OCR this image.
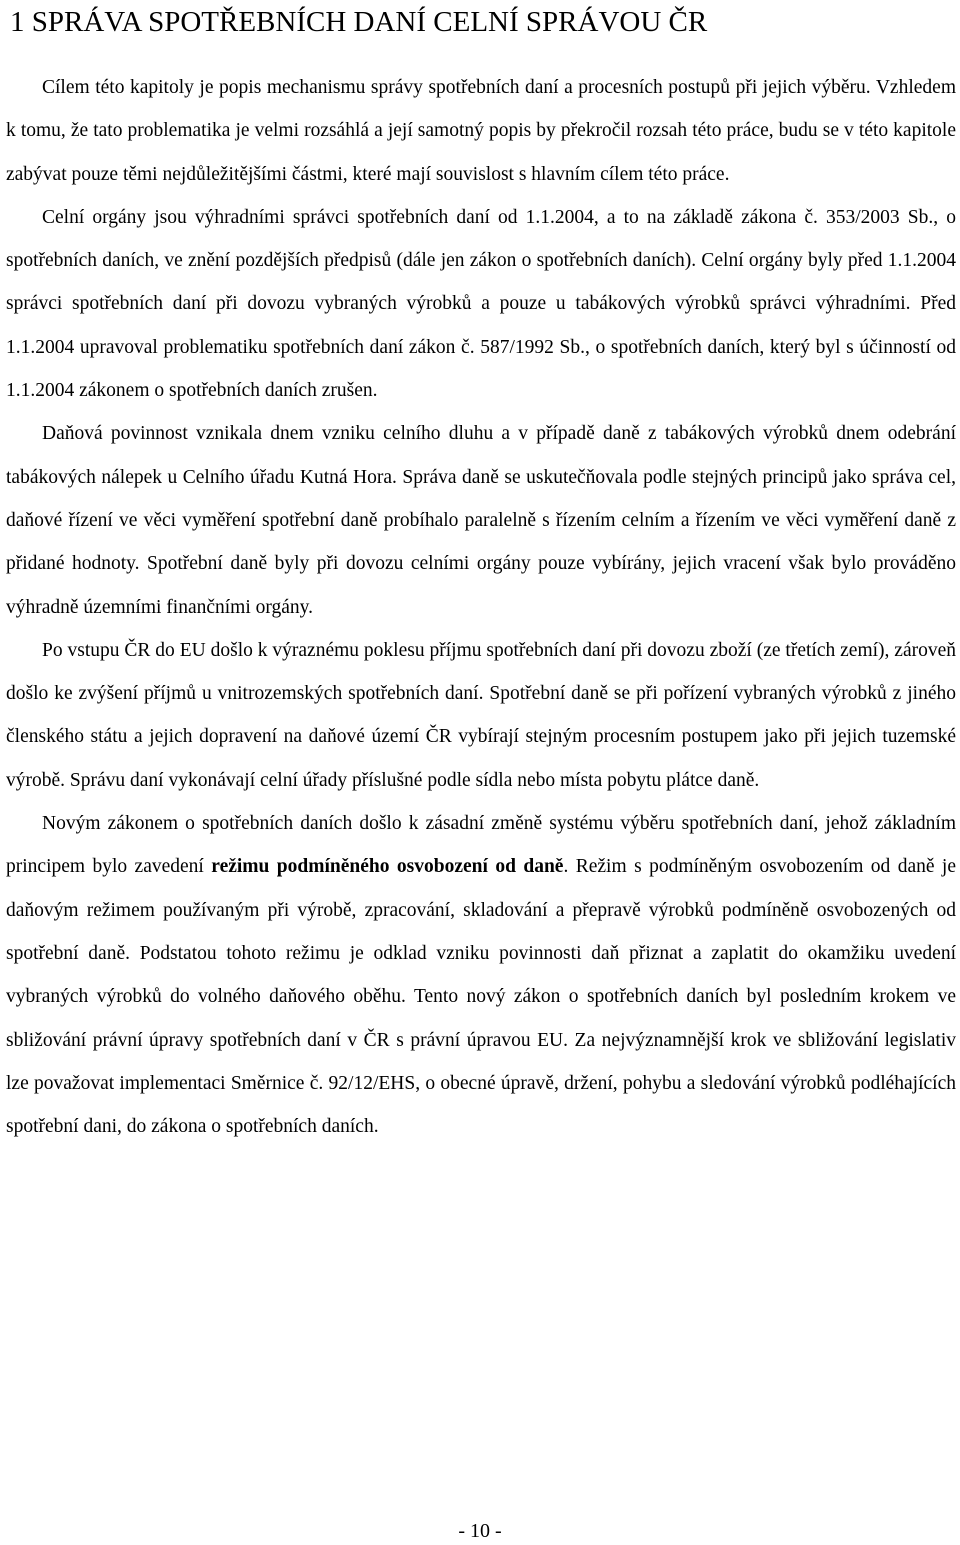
1 SPRÁVA SPOTŘEBNÍCH DANÍ CELNÍ SPRÁVOU ČR

Cílem této kapitoly je popis mechanismu správy spotřebních daní a procesních postupů při jejich výběru. Vzhledem k tomu, že tato problematika je velmi rozsáhlá a její samotný popis by překročil rozsah této práce, budu se v této kapitole zabývat pouze těmi nejdůležitějšími částmi, které mají souvislost s hlavním cílem této práce.

Celní orgány jsou výhradními správci spotřebních daní od 1.1.2004, a to na základě zákona č. 353/2003 Sb., o spotřebních daních, ve znění pozdějších předpisů (dále jen zákon o spotřebních daních). Celní orgány byly před 1.1.2004 správci spotřebních daní při dovozu vybraných výrobků a pouze u tabákových výrobků správci výhradními. Před 1.1.2004 upravoval problematiku spotřebních daní zákon č. 587/1992 Sb., o spotřebních daních, který byl s účinností od 1.1.2004 zákonem o spotřebních daních zrušen.

Daňová povinnost vznikala dnem vzniku celního dluhu a v případě daně z tabákových výrobků dnem odebrání tabákových nálepek u Celního úřadu Kutná Hora. Správa daně se uskutečňovala podle stejných principů jako správa cel, daňové řízení ve věci vyměření spotřební daně probíhalo paralelně s řízením celním a řízením ve věci vyměření daně z přidané hodnoty. Spotřební daně byly při dovozu celními orgány pouze vybírány, jejich vracení však bylo prováděno výhradně územními finančními orgány.

Po vstupu ČR do EU došlo k výraznému poklesu příjmu spotřebních daní při dovozu zboží (ze třetích zemí), zároveň došlo ke zvýšení příjmů u vnitrozemských spotřebních daní. Spotřební daně se při pořízení vybraných výrobků z jiného členského státu a jejich dopravení na daňové území ČR vybírají stejným procesním postupem jako při jejich tuzemské výrobě. Správu daní vykonávají celní úřady příslušné podle sídla nebo místa pobytu plátce daně.

Novým zákonem o spotřebních daních došlo k zásadní změně systému výběru spotřebních daní, jehož základním principem bylo zavedení režimu podmíněného osvobození od daně. Režim s podmíněným osvobozením od daně je daňovým režimem používaným při výrobě, zpracování, skladování a přepravě výrobků podmíněně osvobozených od spotřební daně. Podstatou tohoto režimu je odklad vzniku povinnosti daň přiznat a zaplatit do okamžiku uvedení vybraných výrobků do volného daňového oběhu. Tento nový zákon o spotřebních daních byl posledním krokem ve sbližování právní úpravy spotřebních daní v ČR s právní úpravou EU. Za nejvýznamnější krok ve sbližování legislativ lze považovat implementaci Směrnice č. 92/12/EHS, o obecné úpravě, držení, pohybu a sledování výrobků podléhajících spotřební dani, do zákona o spotřebních daních.

- 10 -
